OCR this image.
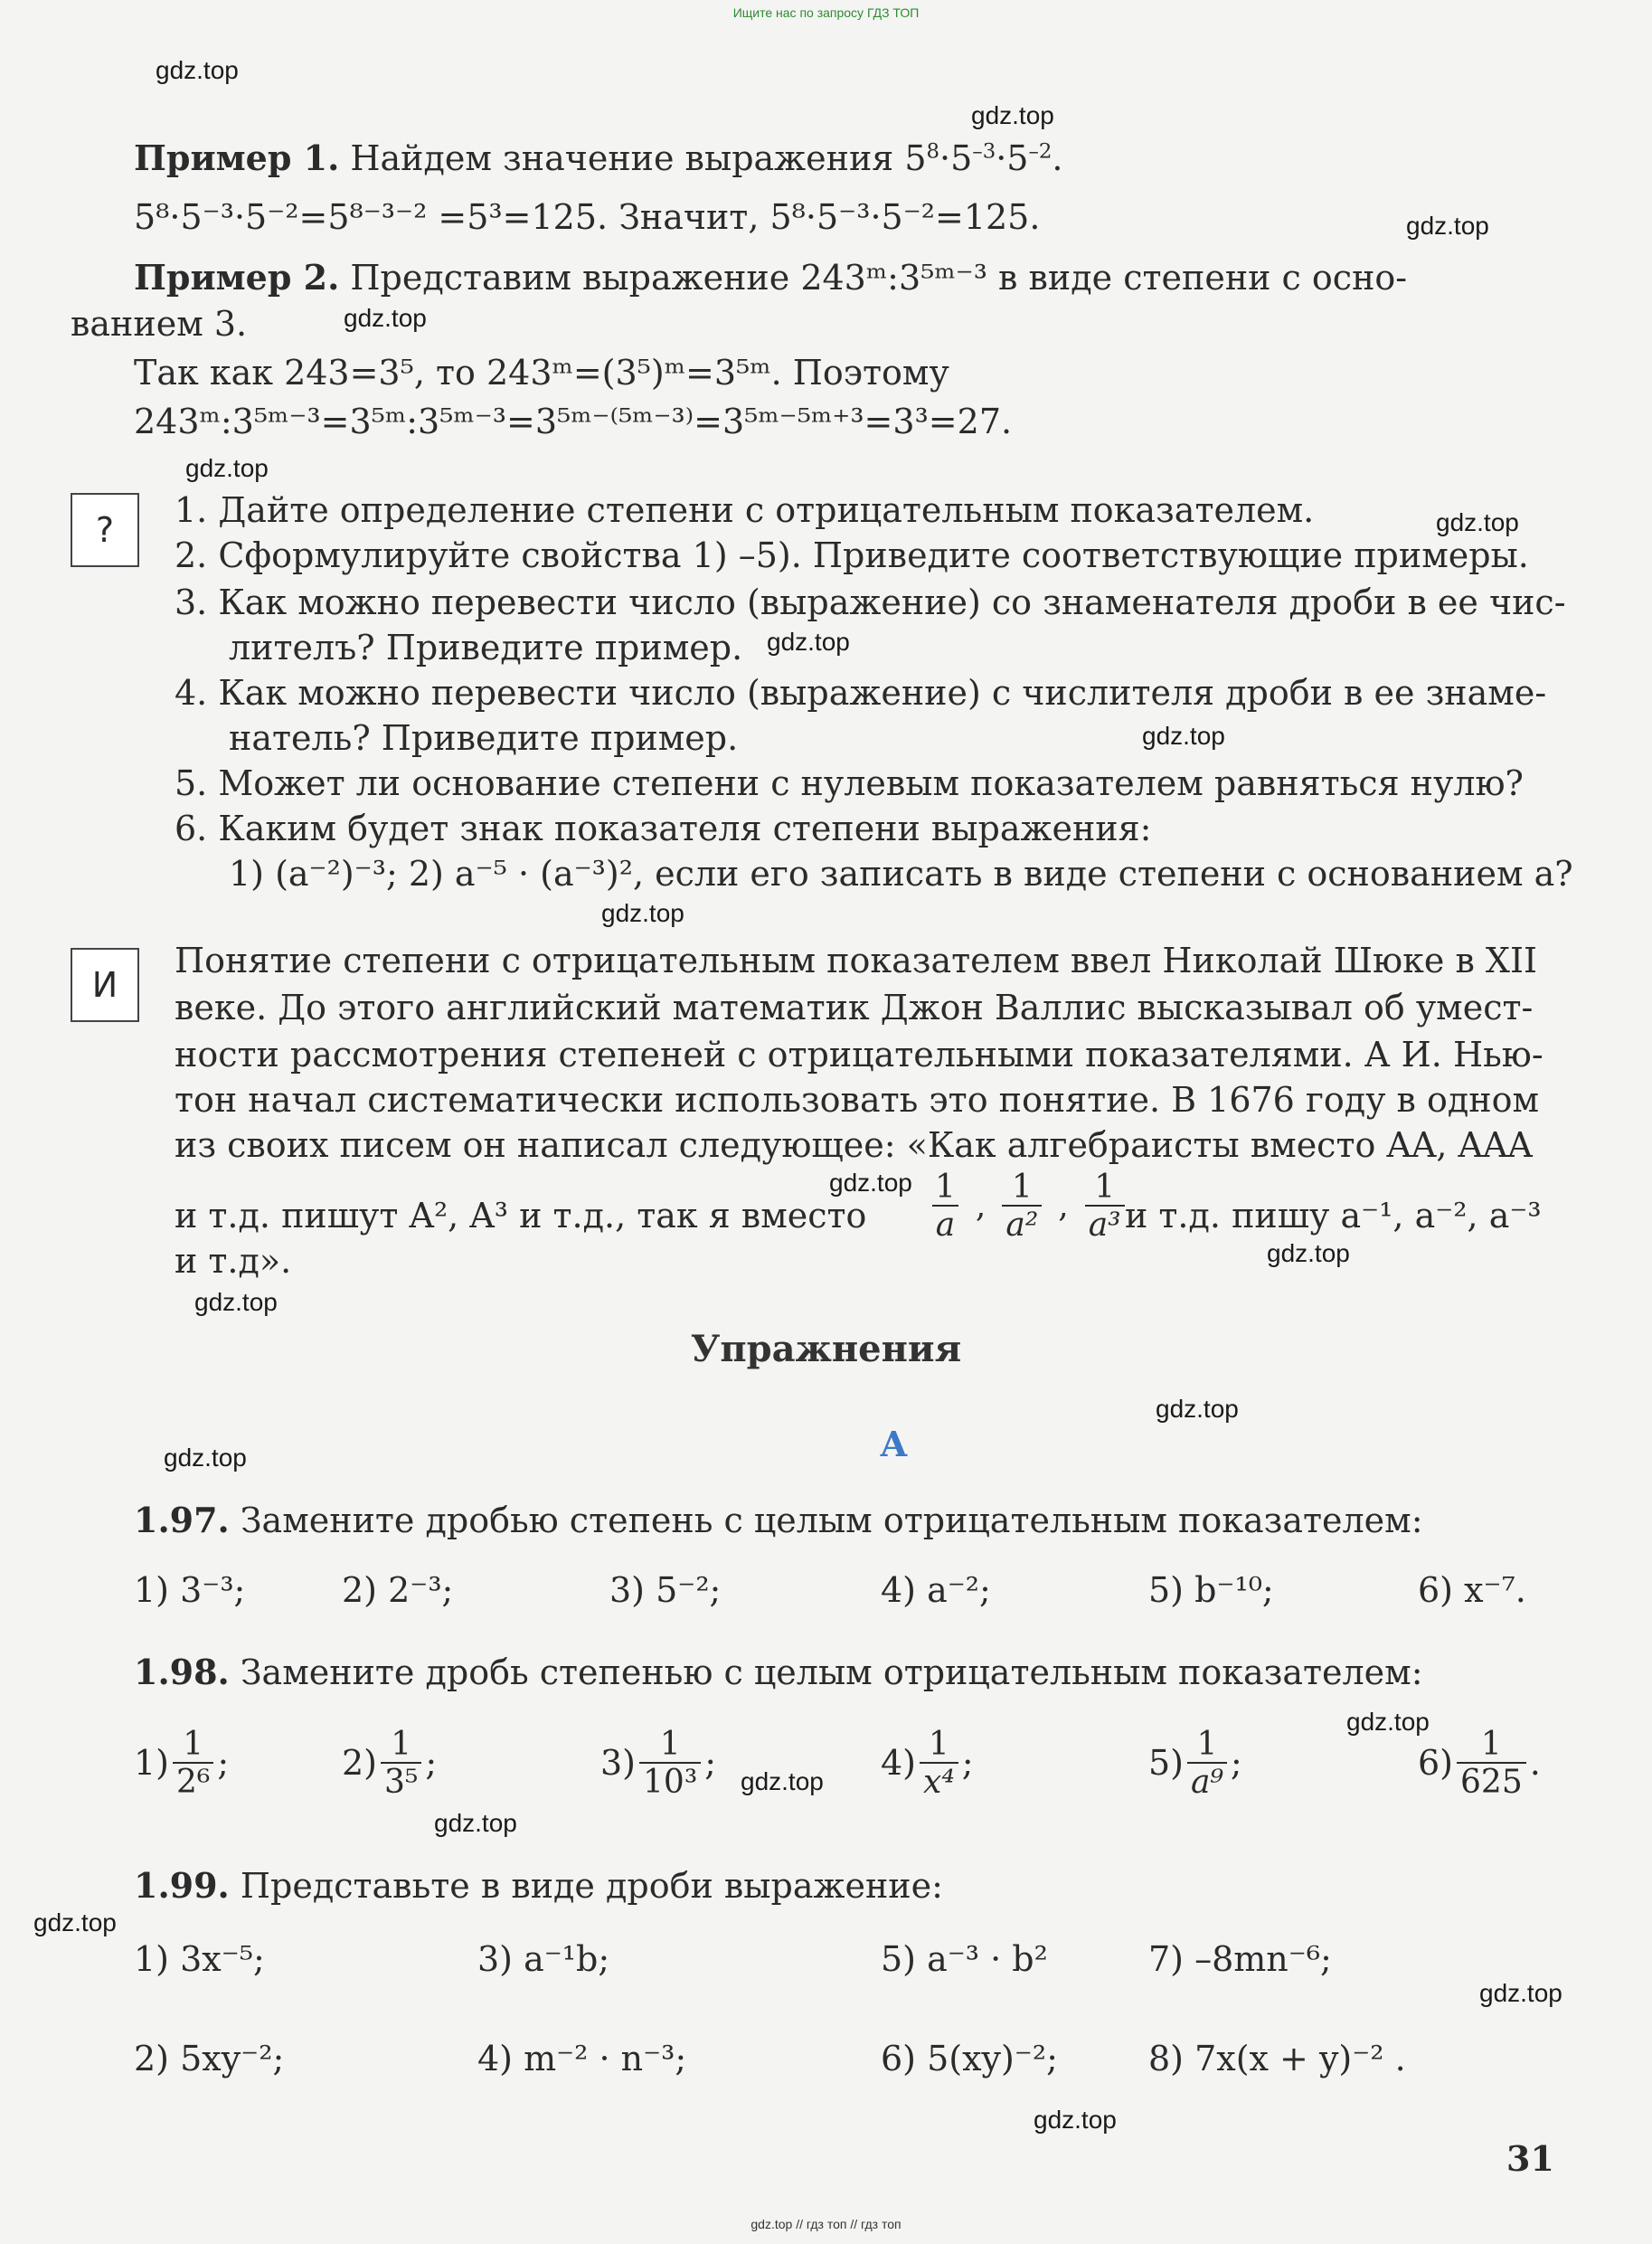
Ищите нас по запросу ГДЗ ТОП
gdz.top // гдз топ // гдз топ
gdz.top
gdz.top
gdz.top
gdz.top
gdz.top
gdz.top
gdz.top
gdz.top
gdz.top
gdz.top
gdz.top
gdz.top
gdz.top
gdz.top
gdz.top
gdz.top
gdz.top
gdz.top
gdz.top
gdz.top
Пример 1. Найдем значение выражения $5^8\cdot 5^{-3}\cdot 5^{-2}$.
5⁸·5⁻³·5⁻²=5⁸⁻³⁻² =5³=125. Значит, 5⁸·5⁻³·5⁻²=125.
Пример 2. Представим выражение 243ᵐ:3⁵ᵐ⁻³ в виде степени с осно-
ванием 3.
Так как 243=3⁵, то 243ᵐ=(3⁵)ᵐ=3⁵ᵐ. Поэтому
243ᵐ:3⁵ᵐ⁻³=3⁵ᵐ:3⁵ᵐ⁻³=3⁵ᵐ⁻⁽⁵ᵐ⁻³⁾=3⁵ᵐ⁻⁵ᵐ⁺³=3³=27.
?	1. Дайте определение степени с отрицательным показателем.
2. Сформулируйте свойства 1) –5). Приведите соответствующие примеры.
3. Как можно перевести число (выражение) со знаменателя дроби в ее чис-
лителъ? Приведите пример.
4. Как можно перевести число (выражение) с числителя дроби в ее знаме-
натель? Приведите пример.
5. Может ли основание степени с нулевым показателем равняться нулю?
6. Каким будет знак показателя степени выражения:
1) (a⁻²)⁻³; 2) a⁻⁵ · (a⁻³)², если его записать в виде степени с основанием a?
И
Понятие степени с отрицательным показателем ввел Николай Шюке в XII
веке. До этого английский математик Джон Валлис высказывал об умест-
ности рассмотрения степеней с отрицательными показателями. А И. Нью-
тон начал систематически использовать это понятие. В 1676 году в одном
из своих писем он написал следующее: «Как алгебраисты вместо AA, AAA
и т.д. пишут A², A³ и т.д., так я вместо $\frac{1}{a}$ , $\frac{1}{\text{a²}}$ , $\frac{1}{\text{a³}}$ и т.д. пишу a⁻¹, a⁻², a⁻³
и т.д».
Упражнения
А
1.97. Замените дробью степень с целым отрицательным показателем:
1) 3⁻³;	2) 2⁻³;	3) 5⁻²;	4) a⁻²;	5) b⁻¹⁰;	6) x⁻⁷.
1.98. Замените дробь степенью с целым отрицательным показателем:
$1) \frac{1}{\text{2⁶}}$ ;	$2) \frac{1}{\text{3⁵}}$ ;	$3) \frac{1}{\text{10³}}$ ;	$4) \frac{1}{\text{x⁴}}$ ;	$5) \frac{1}{\text{a⁹}}$ ;	$6) \frac{1}{625}$ .
1.99. Представьте в виде дроби выражение:
1) 3x⁻⁵;	3) a⁻¹b;	5) a⁻³ · b²	7) –8mn⁻⁶;
2) 5xy⁻²;	4) m⁻² · n⁻³;	6) 5(xy)⁻²;	8) 7x(x + y)⁻² .
31
